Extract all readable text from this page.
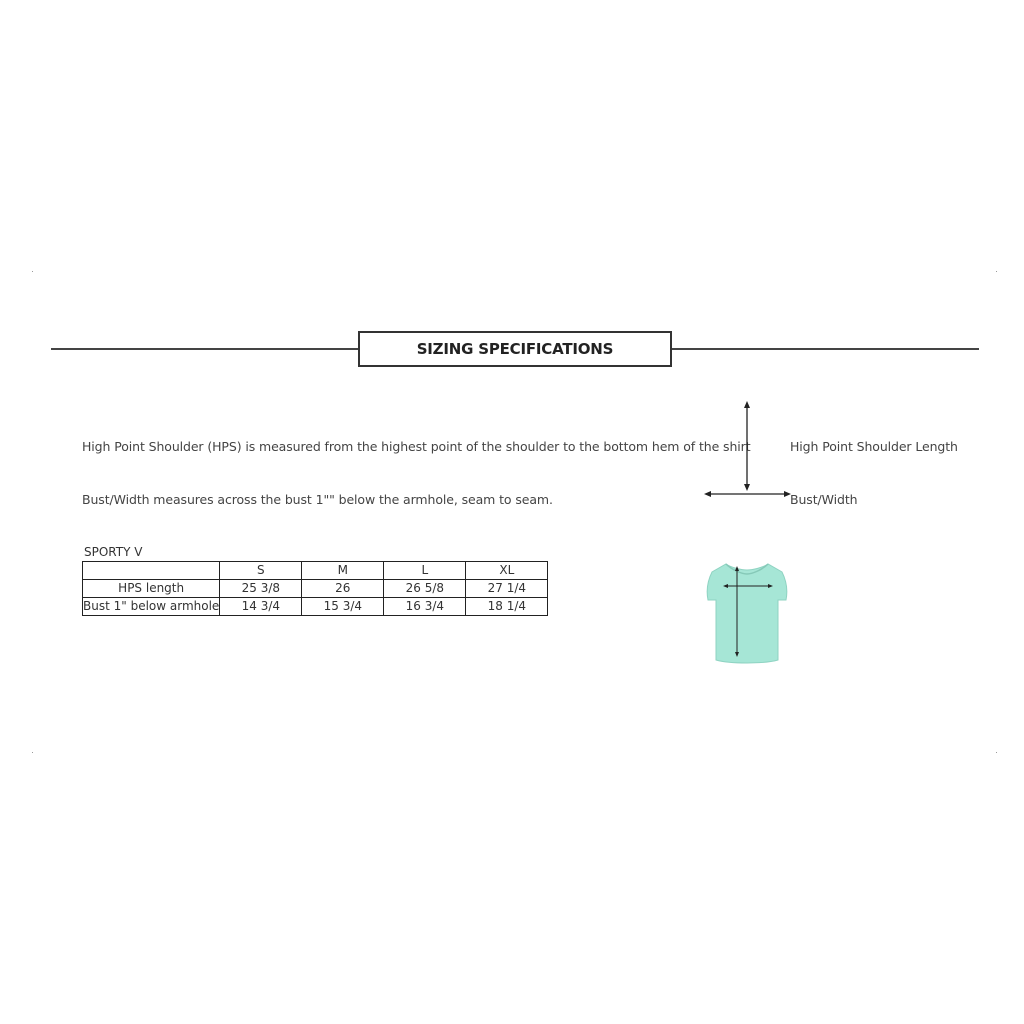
SIZING SPECIFICATIONS
High Point Shoulder (HPS) is measured from the highest point of the shoulder to the bottom hem of the shirt
Bust/Width measures across the bust 1"" below the armhole, seam to seam.
High Point Shoulder Length
Bust/Width
SPORTY V
	S	M	L	XL
HPS length	25 3/8	26	26 5/8	27 1/4
Bust 1" below armhole	14 3/4	15 3/4	16 3/4	18 1/4
